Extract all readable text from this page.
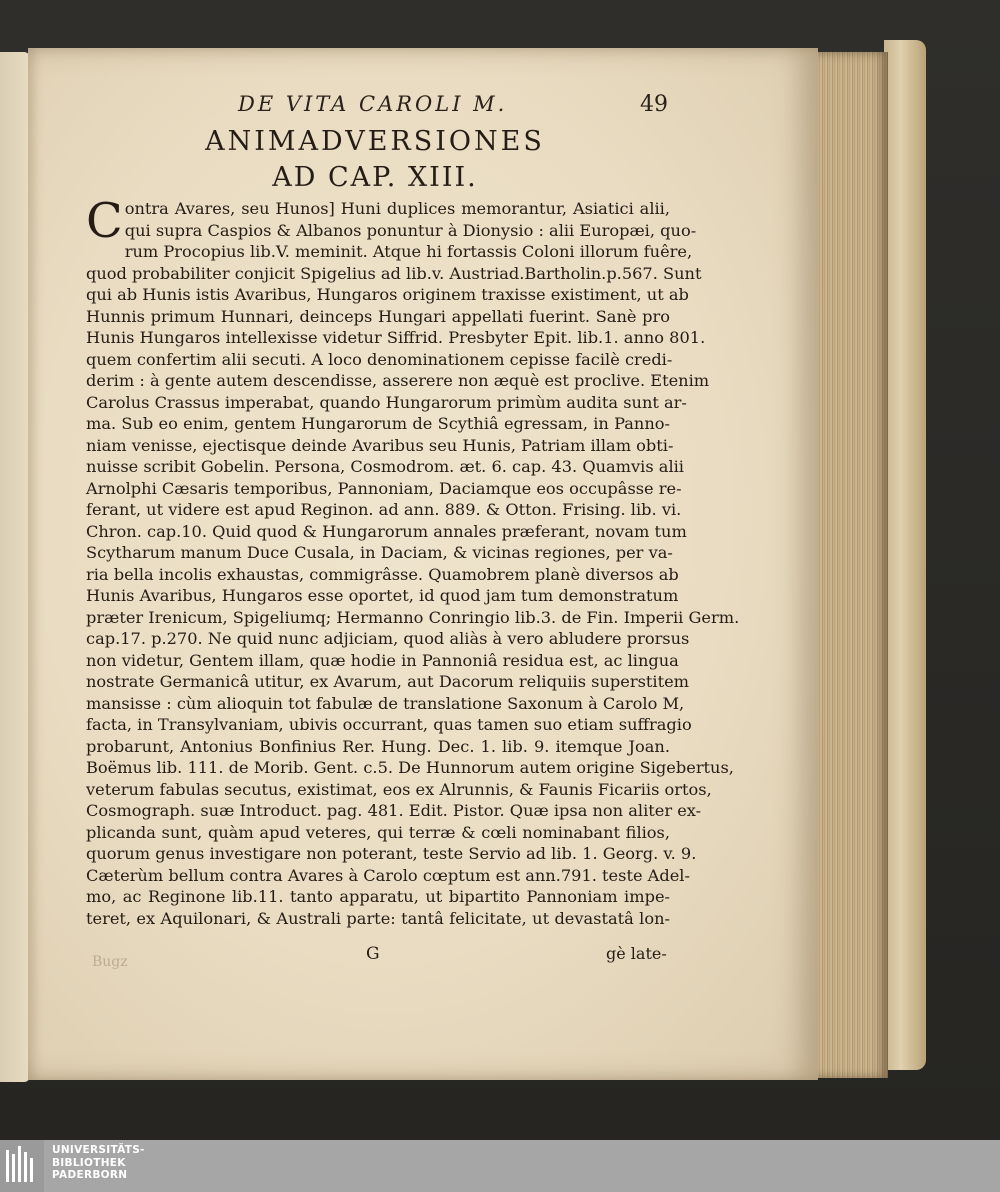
DE VITA CAROLI M.	49
ANIMADVERSIONES
AD CAP. XIII.
C ontra Avares, seu Hunos] Huni duplices memorantur, Asiatici alii,
qui supra Caspios & Albanos ponuntur à Dionysio : alii Europæi, quo-
rum Procopius lib.V. meminit. Atque hi fortassis Coloni illorum fuêre,
quod probabiliter conjicit Spigelius ad lib.v. Austriad.Bartholin.p.567. Sunt
qui ab Hunis istis Avaribus, Hungaros originem traxisse existiment, ut ab
Hunnis primum Hunnari, deinceps Hungari appellati fuerint. Sanè pro
Hunis Hungaros intellexisse videtur Siffrid. Presbyter Epit. lib.1. anno 801.
quem confertim alii secuti. A loco denominationem cepisse facilè credi-
derim : à gente autem descendisse, asserere non æquè est proclive. Etenim
Carolus Crassus imperabat, quando Hungarorum primùm audita sunt ar-
ma. Sub eo enim, gentem Hungarorum de Scythiâ egressam, in Panno-
niam venisse, ejectisque deinde Avaribus seu Hunis, Patriam illam obti-
nuisse scribit Gobelin. Persona, Cosmodrom. æt. 6. cap. 43. Quamvis alii
Arnolphi Cæsaris temporibus, Pannoniam, Daciamque eos occupâsse re-
ferant, ut videre est apud Reginon. ad ann. 889. & Otton. Frising. lib. vi.
Chron. cap.10. Quid quod & Hungarorum annales præferant, novam tum
Scytharum manum Duce Cusala, in Daciam, & vicinas regiones, per va-
ria bella incolis exhaustas, commigrâsse. Quamobrem planè diversos ab
Hunis Avaribus, Hungaros esse oportet, id quod jam tum demonstratum
præter Irenicum, Spigeliumq; Hermanno Conringio lib.3. de Fin. Imperii Germ.
cap.17. p.270. Ne quid nunc adjiciam, quod aliàs à vero abludere prorsus
non videtur, Gentem illam, quæ hodie in Pannoniâ residua est, ac lingua
nostrate Germanicâ utitur, ex Avarum, aut Dacorum reliquiis superstitem
mansisse : cùm alioquin tot fabulæ de translatione Saxonum à Carolo M,
facta, in Transylvaniam, ubivis occurrant, quas tamen suo etiam suffragio
probarunt, Antonius Bonfinius Rer. Hung. Dec. 1. lib. 9. itemque Joan.
Boëmus lib. 111. de Morib. Gent. c.5. De Hunnorum autem origine Sigebertus,
veterum fabulas secutus, existimat, eos ex Alrunnis, & Faunis Ficariis ortos,
Cosmograph. suæ Introduct. pag. 481. Edit. Pistor. Quæ ipsa non aliter ex-
plicanda sunt, quàm apud veteres, qui terræ & cœli nominabant filios,
quorum genus investigare non poterant, teste Servio ad lib. 1. Georg. v. 9.
Cæterùm bellum contra Avares à Carolo cœptum est ann.791. teste Adel-
mo, ac Reginone lib.11. tanto apparatu, ut bipartito Pannoniam impe-
teret, ex Aquilonari, & Australi parte: tantâ felicitate, ut devastatâ lon-
Bugz	G	gè late-
UNIVERSITÄTS-
BIBLIOTHEK
PADERBORN
